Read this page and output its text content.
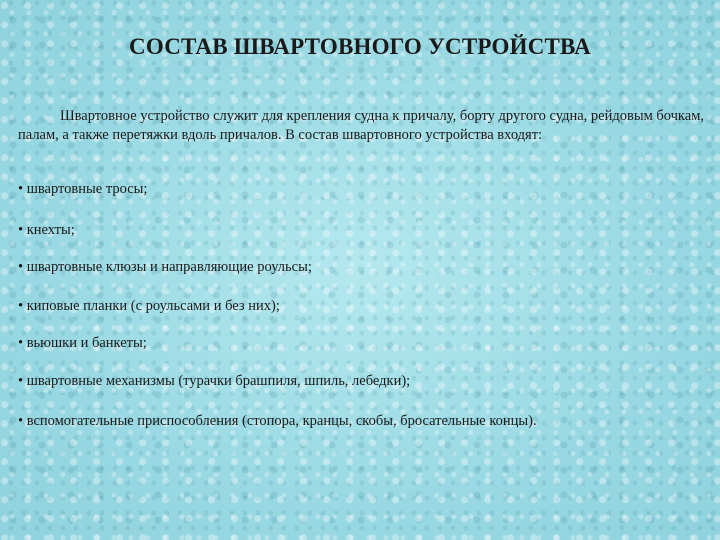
СОСТАВ ШВАРТОВНОГО УСТРОЙСТВА

Швартовное устройство служит для крепления судна к причалу, борту другого судна, рейдовым бочкам, палам, а также перетяжки вдоль причалов. В состав швартовного устройства входят:

• швартовные тросы;
• кнехты;
• швартовные клюзы и направляющие роульсы;
• киповые планки (с роульсами и без них);
• вьюшки и банкеты;
• швартовные механизмы (турачки брашпиля, шпиль, лебедки);
• вспомогательные приспособления (стопора, кранцы, скобы, бросательные концы).
